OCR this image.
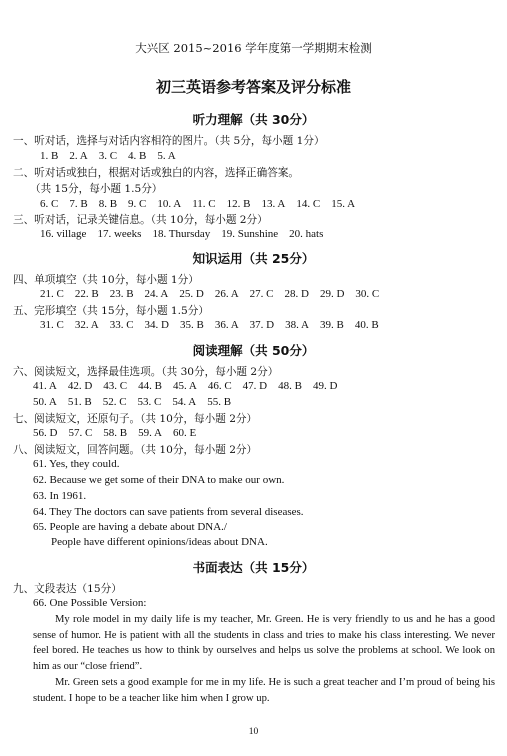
大兴区 2015~2016 学年度第一学期期末检测
初三英语参考答案及评分标准
听力理解（共 30分）
一、听对话，选择与对话内容相符的图片。（共 5分，每小题 1分）
1. B 2. A 3. C 4. B 5. A
二、听对话或独白，根据对话或独白的内容，选择正确答案。
（共 15分，每小题 1.5分）
6. C 7. B 8. B 9. C 10. A 11. C 12. B 13. A 14. C 15. A
三、听对话，记录关键信息。（共 10分，每小题 2分）
16. village 17. weeks 18. Thursday 19. Sunshine 20. hats
知识运用（共 25分）
四、单项填空（共 10分，每小题 1分）
21. C 22. B 23. B 24. A 25. D 26. A 27. C 28. D 29. D 30. C
五、完形填空（共 15分，每小题 1.5分）
31. C 32. A 33. C 34. D 35. B 36. A 37. D 38. A 39. B 40. B
阅读理解（共 50分）
六、阅读短文，选择最佳选项。（共 30分，每小题 2分）
41. A 42. D 43. C 44. B 45. A 46. C 47. D 48. B 49. D
50. A 51. B 52. C 53. C 54. A 55. B
七、阅读短文，还原句子。（共 10分，每小题 2分）
56. D 57. C 58. B 59. A 60. E
八、阅读短文，回答问题。（共 10分，每小题 2分）
61. Yes, they could.
62. Because we get some of their DNA to make our own.
63. In 1961.
64. They The doctors can save patients from several diseases.
65. People are having a debate about DNA./
People have different opinions/ideas about DNA.
书面表达（共 15分）
九、文段表达（15分）
66. One Possible Version:
My role model in my daily life is my teacher, Mr. Green. He is very friendly to us and he has a good sense of humor. He is patient with all the students in class and tries to make his class interesting. We never feel bored. He teaches us how to think by ourselves and helps us solve the problems at school. We look on him as our “close friend”.
Mr. Green sets a good example for me in my life. He is such a great teacher and I’m proud of being his student. I hope to be a teacher like him when I grow up.
10
